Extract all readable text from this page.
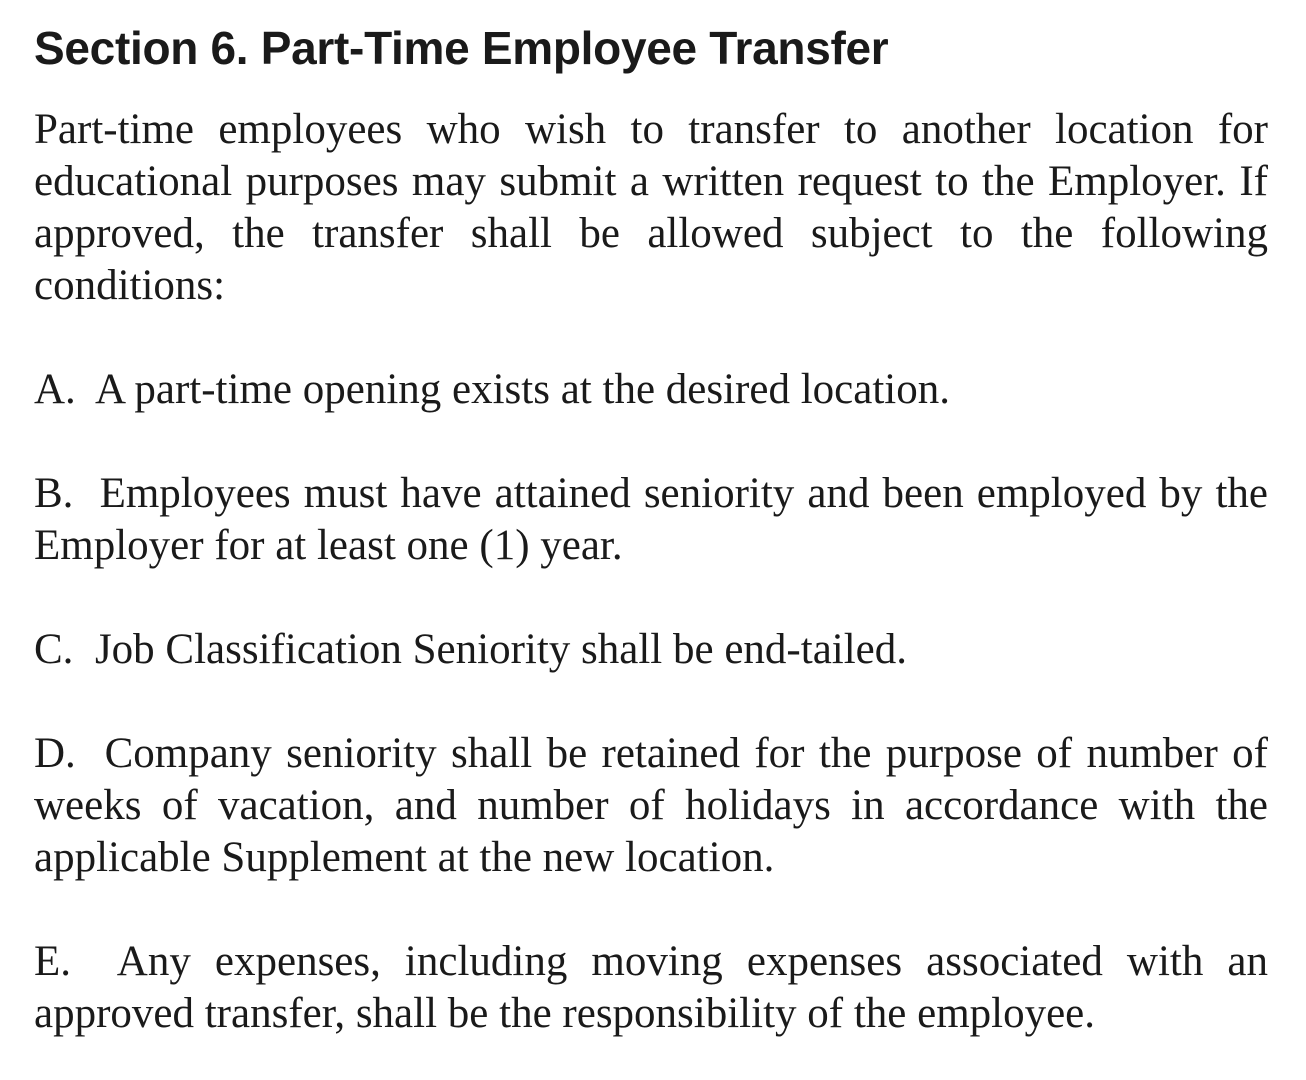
Section 6. Part-Time Employee Transfer

Part-time employees who wish to transfer to another location for educational purposes may submit a written request to the Employer. If approved, the transfer shall be allowed subject to the following conditions:

A. A part-time opening exists at the desired location.

B. Employees must have attained seniority and been employed by the Employer for at least one (1) year.

C. Job Classification Seniority shall be end-tailed.

D. Company seniority shall be retained for the purpose of number of weeks of vacation, and number of holidays in accordance with the applicable Supplement at the new location.

E. Any expenses, including moving expenses associated with an approved transfer, shall be the responsibility of the employee.
